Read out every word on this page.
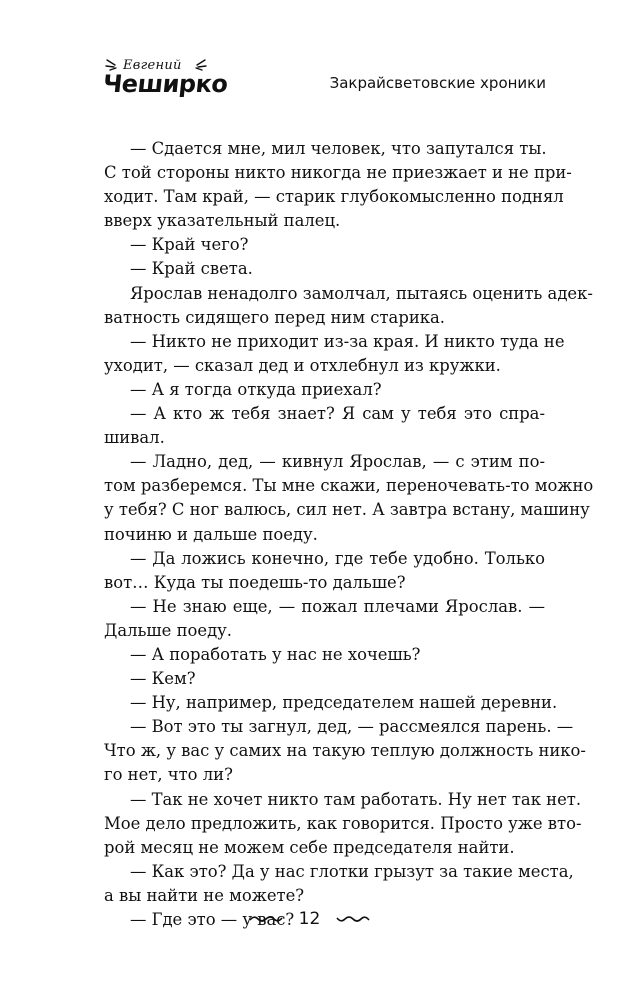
Евгений
Чеширко	Закрайсветовские хроники
— Сдается мне, мил человек, что запутался ты.
С той стороны никто никогда не приезжает и не при-
ходит. Там край, — старик глубокомысленно поднял
вверх указательный палец.
— Край чего?
— Край света.
Ярослав ненадолго замолчал, пытаясь оценить адек-
ватность сидящего перед ним старика.
— Никто не приходит из-за края. И никто туда не
уходит, — сказал дед и отхлебнул из кружки.
— А я тогда откуда приехал?
— А кто ж тебя знает? Я сам у тебя это спра-
шивал.
— Ладно, дед, — кивнул Ярослав, — с этим по-
том разберемся. Ты мне скажи, переночевать-то можно
у тебя? С ног валюсь, сил нет. А завтра встану, машину
починю и дальше поеду.
— Да ложись конечно, где тебе удобно. Только
вот… Куда ты поедешь-то дальше?
— Не знаю еще, — пожал плечами Ярослав. —
Дальше поеду.
— А поработать у нас не хочешь?
— Кем?
— Ну, например, председателем нашей деревни.
— Вот это ты загнул, дед, — рассмеялся парень. —
Что ж, у вас у самих на такую теплую должность нико-
го нет, что ли?
— Так не хочет никто там работать. Ну нет так нет.
Мое дело предложить, как говорится. Просто уже вто-
рой месяц не можем себе председателя найти.
— Как это? Да у нас глотки грызут за такие места,
а вы найти не можете?
— Где это — у вас? 12
